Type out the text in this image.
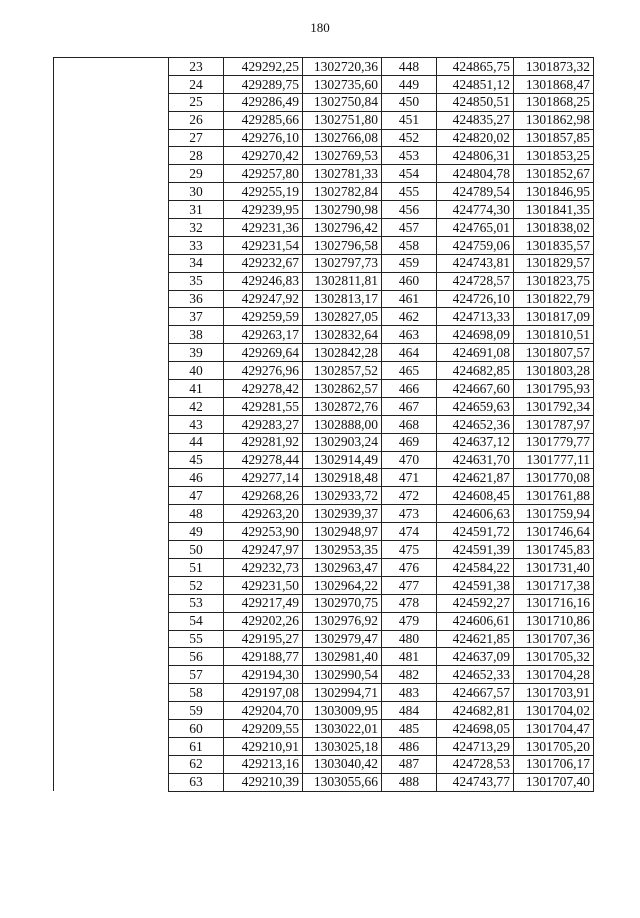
180
	23	429292,25	1302720,36	448	424865,75	1301873,32
	24	429289,75	1302735,60	449	424851,12	1301868,47
	25	429286,49	1302750,84	450	424850,51	1301868,25
	26	429285,66	1302751,80	451	424835,27	1301862,98
	27	429276,10	1302766,08	452	424820,02	1301857,85
	28	429270,42	1302769,53	453	424806,31	1301853,25
	29	429257,80	1302781,33	454	424804,78	1301852,67
	30	429255,19	1302782,84	455	424789,54	1301846,95
	31	429239,95	1302790,98	456	424774,30	1301841,35
	32	429231,36	1302796,42	457	424765,01	1301838,02
	33	429231,54	1302796,58	458	424759,06	1301835,57
	34	429232,67	1302797,73	459	424743,81	1301829,57
	35	429246,83	1302811,81	460	424728,57	1301823,75
	36	429247,92	1302813,17	461	424726,10	1301822,79
	37	429259,59	1302827,05	462	424713,33	1301817,09
	38	429263,17	1302832,64	463	424698,09	1301810,51
	39	429269,64	1302842,28	464	424691,08	1301807,57
	40	429276,96	1302857,52	465	424682,85	1301803,28
	41	429278,42	1302862,57	466	424667,60	1301795,93
	42	429281,55	1302872,76	467	424659,63	1301792,34
	43	429283,27	1302888,00	468	424652,36	1301787,97
	44	429281,92	1302903,24	469	424637,12	1301779,77
	45	429278,44	1302914,49	470	424631,70	1301777,11
	46	429277,14	1302918,48	471	424621,87	1301770,08
	47	429268,26	1302933,72	472	424608,45	1301761,88
	48	429263,20	1302939,37	473	424606,63	1301759,94
	49	429253,90	1302948,97	474	424591,72	1301746,64
	50	429247,97	1302953,35	475	424591,39	1301745,83
	51	429232,73	1302963,47	476	424584,22	1301731,40
	52	429231,50	1302964,22	477	424591,38	1301717,38
	53	429217,49	1302970,75	478	424592,27	1301716,16
	54	429202,26	1302976,92	479	424606,61	1301710,86
	55	429195,27	1302979,47	480	424621,85	1301707,36
	56	429188,77	1302981,40	481	424637,09	1301705,32
	57	429194,30	1302990,54	482	424652,33	1301704,28
	58	429197,08	1302994,71	483	424667,57	1301703,91
	59	429204,70	1303009,95	484	424682,81	1301704,02
	60	429209,55	1303022,01	485	424698,05	1301704,47
	61	429210,91	1303025,18	486	424713,29	1301705,20
	62	429213,16	1303040,42	487	424728,53	1301706,17
	63	429210,39	1303055,66	488	424743,77	1301707,40
